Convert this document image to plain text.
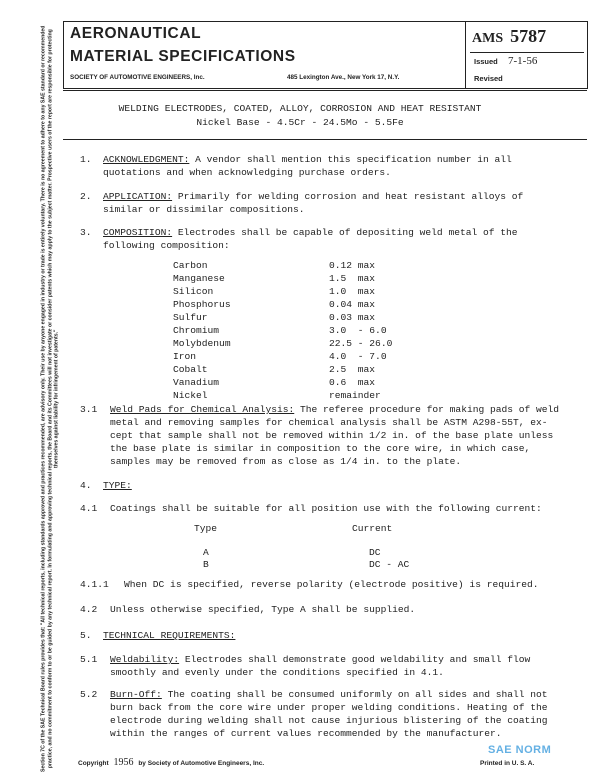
Section 7C of the SAE Technical Board rules provides that: "All technical reports, including standards approved and practices recommended, are advisory only. Their use by anyone engaged in industry or trade is entirely voluntary. There is no agreement to adhere to any SAE standard or recommended practice, and no commitment to conform to or be guided by any technical report. In formulating and approving technical reports, the Board and its Committees will not investigate or consider patents which may apply to the subject matter. Prospective users of the report are responsible for protecting themselves against liability for infringement of patents."
AERONAUTICAL
MATERIAL SPECIFICATIONS
SOCIETY OF AUTOMOTIVE ENGINEERS, Inc.	485 Lexington Ave., New York 17, N.Y.
AMS 5787
Issued 7-1-56
Revised
WELDING ELECTRODES, COATED, ALLOY, CORROSION AND HEAT RESISTANT
Nickel Base - 4.5Cr - 24.5Mo - 5.5Fe
1. ACKNOWLEDGMENT: A vendor shall mention this specification number in all
quotations and when acknowledging purchase orders.
2. APPLICATION: Primarily for welding corrosion and heat resistant alloys of
similar or dissimilar compositions.
3. COMPOSITION: Electrodes shall be capable of depositing weld metal of the
following composition:
Carbon	0.12 max
Manganese	1.5  max
Silicon	1.0  max
Phosphorus	0.04 max
Sulfur	0.03 max
Chromium	3.0  - 6.0
Molybdenum	22.5 - 26.0
Iron	4.0  - 7.0
Cobalt	2.5  max
Vanadium	0.6  max
Nickel	remainder
3.1 Weld Pads for Chemical Analysis: The referee procedure for making pads of weld
metal and removing samples for chemical analysis shall be ASTM A298-55T, ex-
cept that sample shall not be removed within 1/2 in. of the base plate unless
the base plate is similar in composition to the core wire, in which case,
samples may be removed from as close as 1/4 in. to the plate.
4. TYPE:
4.1 Coatings shall be suitable for all position use with the following current:
Type	Current
A	DC
B	DC - AC
4.1.1 When DC is specified, reverse polarity (electrode positive) is required.
4.2 Unless otherwise specified, Type A shall be supplied.
5. TECHNICAL REQUIREMENTS:
5.1 Weldability: Electrodes shall demonstrate good weldability and small flow
smoothly and evenly under the conditions specified in 4.1.
5.2 Burn-Off: The coating shall be consumed uniformly on all sides and shall not
burn back from the core wire under proper welding conditions. Heating of the
electrode during welding shall not cause injurious blistering of the coating
within the ranges of current values recommended by the manufacturer.
Copyright 1956 by Society of Automotive Engineers, Inc.	Printed in U. S. A.
SAE NORM
